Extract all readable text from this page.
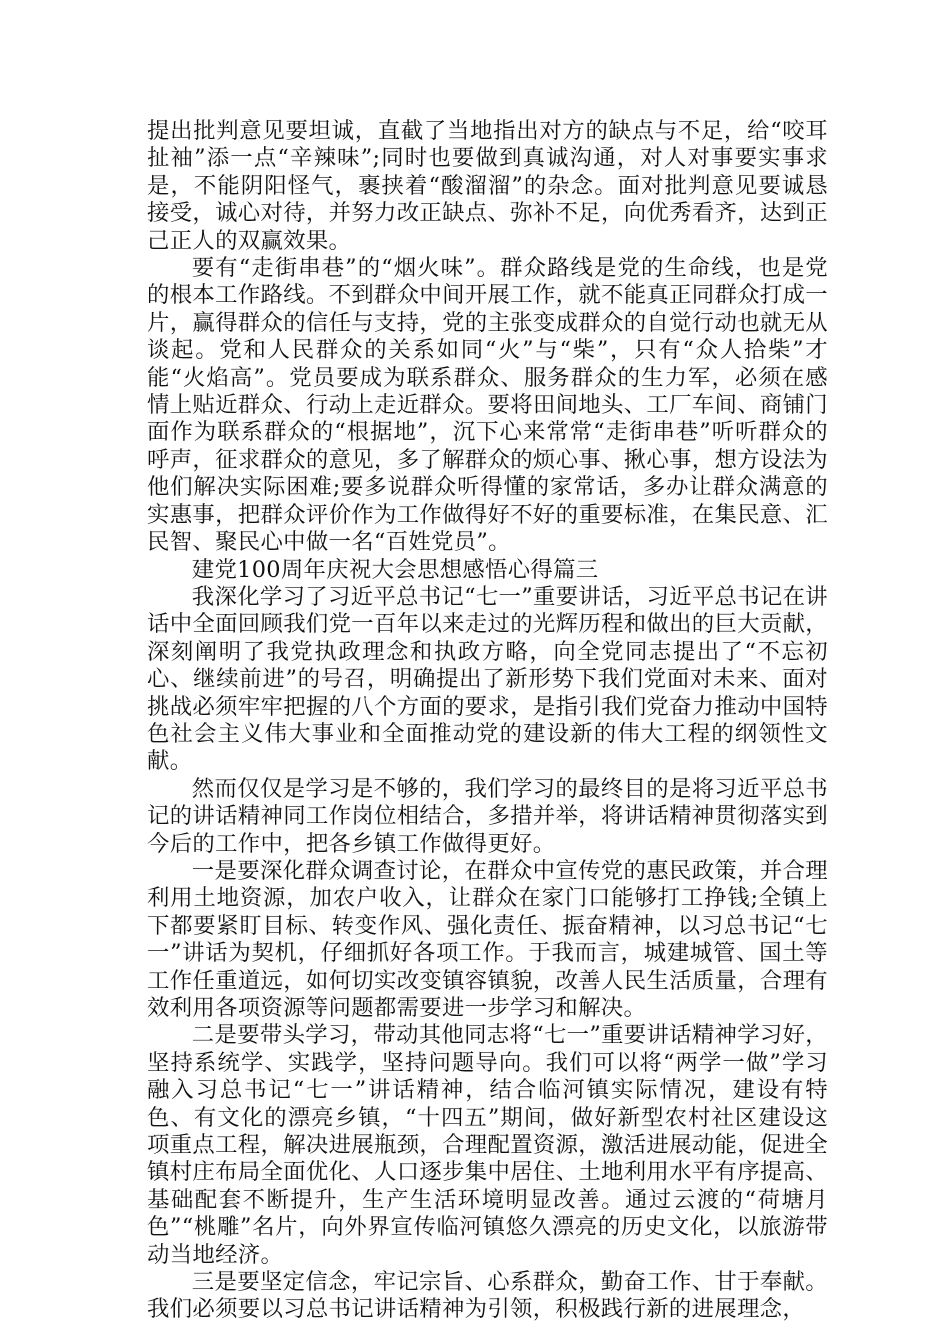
提出批判意见要坦诚，直截了当地指出对方的缺点与不足，给“咬耳扯袖”添一点“辛辣味”;同时也要做到真诚沟通，对人对事要实事求是，不能阴阳怪气，裹挟着“酸溜溜”的杂念。面对批判意见要诚恳接受，诚心对待，并努力改正缺点、弥补不足，向优秀看齐，达到正己正人的双赢效果。

要有“走街串巷”的“烟火味”。群众路线是党的生命线，也是党的根本工作路线。不到群众中间开展工作，就不能真正同群众打成一片，赢得群众的信任与支持，党的主张变成群众的自觉行动也就无从谈起。党和人民群众的关系如同“火”与“柴”，只有“众人拾柴”才能“火焰高”。党员要成为联系群众、服务群众的生力军，必须在感情上贴近群众、行动上走近群众。要将田间地头、工厂车间、商铺门面作为联系群众的“根据地”，沉下心来常常“走街串巷”听听群众的呼声，征求群众的意见，多了解群众的烦心事、揪心事，想方设法为他们解决实际困难;要多说群众听得懂的家常话，多办让群众满意的实惠事，把群众评价作为工作做得好不好的重要标准，在集民意、汇民智、聚民心中做一名“百姓党员”。

建党100周年庆祝大会思想感悟心得篇三

我深化学习了习近平总书记“七一”重要讲话，习近平总书记在讲话中全面回顾我们党一百年以来走过的光辉历程和做出的巨大贡献，深刻阐明了我党执政理念和执政方略，向全党同志提出了“不忘初心、继续前进”的号召，明确提出了新形势下我们党面对未来、面对挑战必须牢牢把握的八个方面的要求，是指引我们党奋力推动中国特色社会主义伟大事业和全面推动党的建设新的伟大工程的纲领性文献。

然而仅仅是学习是不够的，我们学习的最终目的是将习近平总书记的讲话精神同工作岗位相结合，多措并举，将讲话精神贯彻落实到今后的工作中，把各乡镇工作做得更好。

一是要深化群众调查讨论，在群众中宣传党的惠民政策，并合理利用土地资源，加农户收入，让群众在家门口能够打工挣钱;全镇上下都要紧盯目标、转变作风、强化责任、振奋精神，以习总书记“七一”讲话为契机，仔细抓好各项工作。于我而言，城建城管、国土等工作任重道远，如何切实改变镇容镇貌，改善人民生活质量，合理有效利用各项资源等问题都需要进一步学习和解决。

二是要带头学习，带动其他同志将“七一”重要讲话精神学习好，坚持系统学、实践学，坚持问题导向。我们可以将“两学一做”学习融入习总书记“七一”讲话精神，结合临河镇实际情况，建设有特色、有文化的漂亮乡镇，“十四五”期间，做好新型农村社区建设这项重点工程，解决进展瓶颈，合理配置资源，激活进展动能，促进全镇村庄布局全面优化、人口逐步集中居住、土地利用水平有序提高、基础配套不断提升，生产生活环境明显改善。通过云渡的“荷塘月色”“桃雕”名片，向外界宣传临河镇悠久漂亮的历史文化，以旅游带动当地经济。

三是要坚定信念，牢记宗旨、心系群众，勤奋工作、甘于奉献。我们必须要以习总书记讲话精神为引领，积极践行新的进展理念，
